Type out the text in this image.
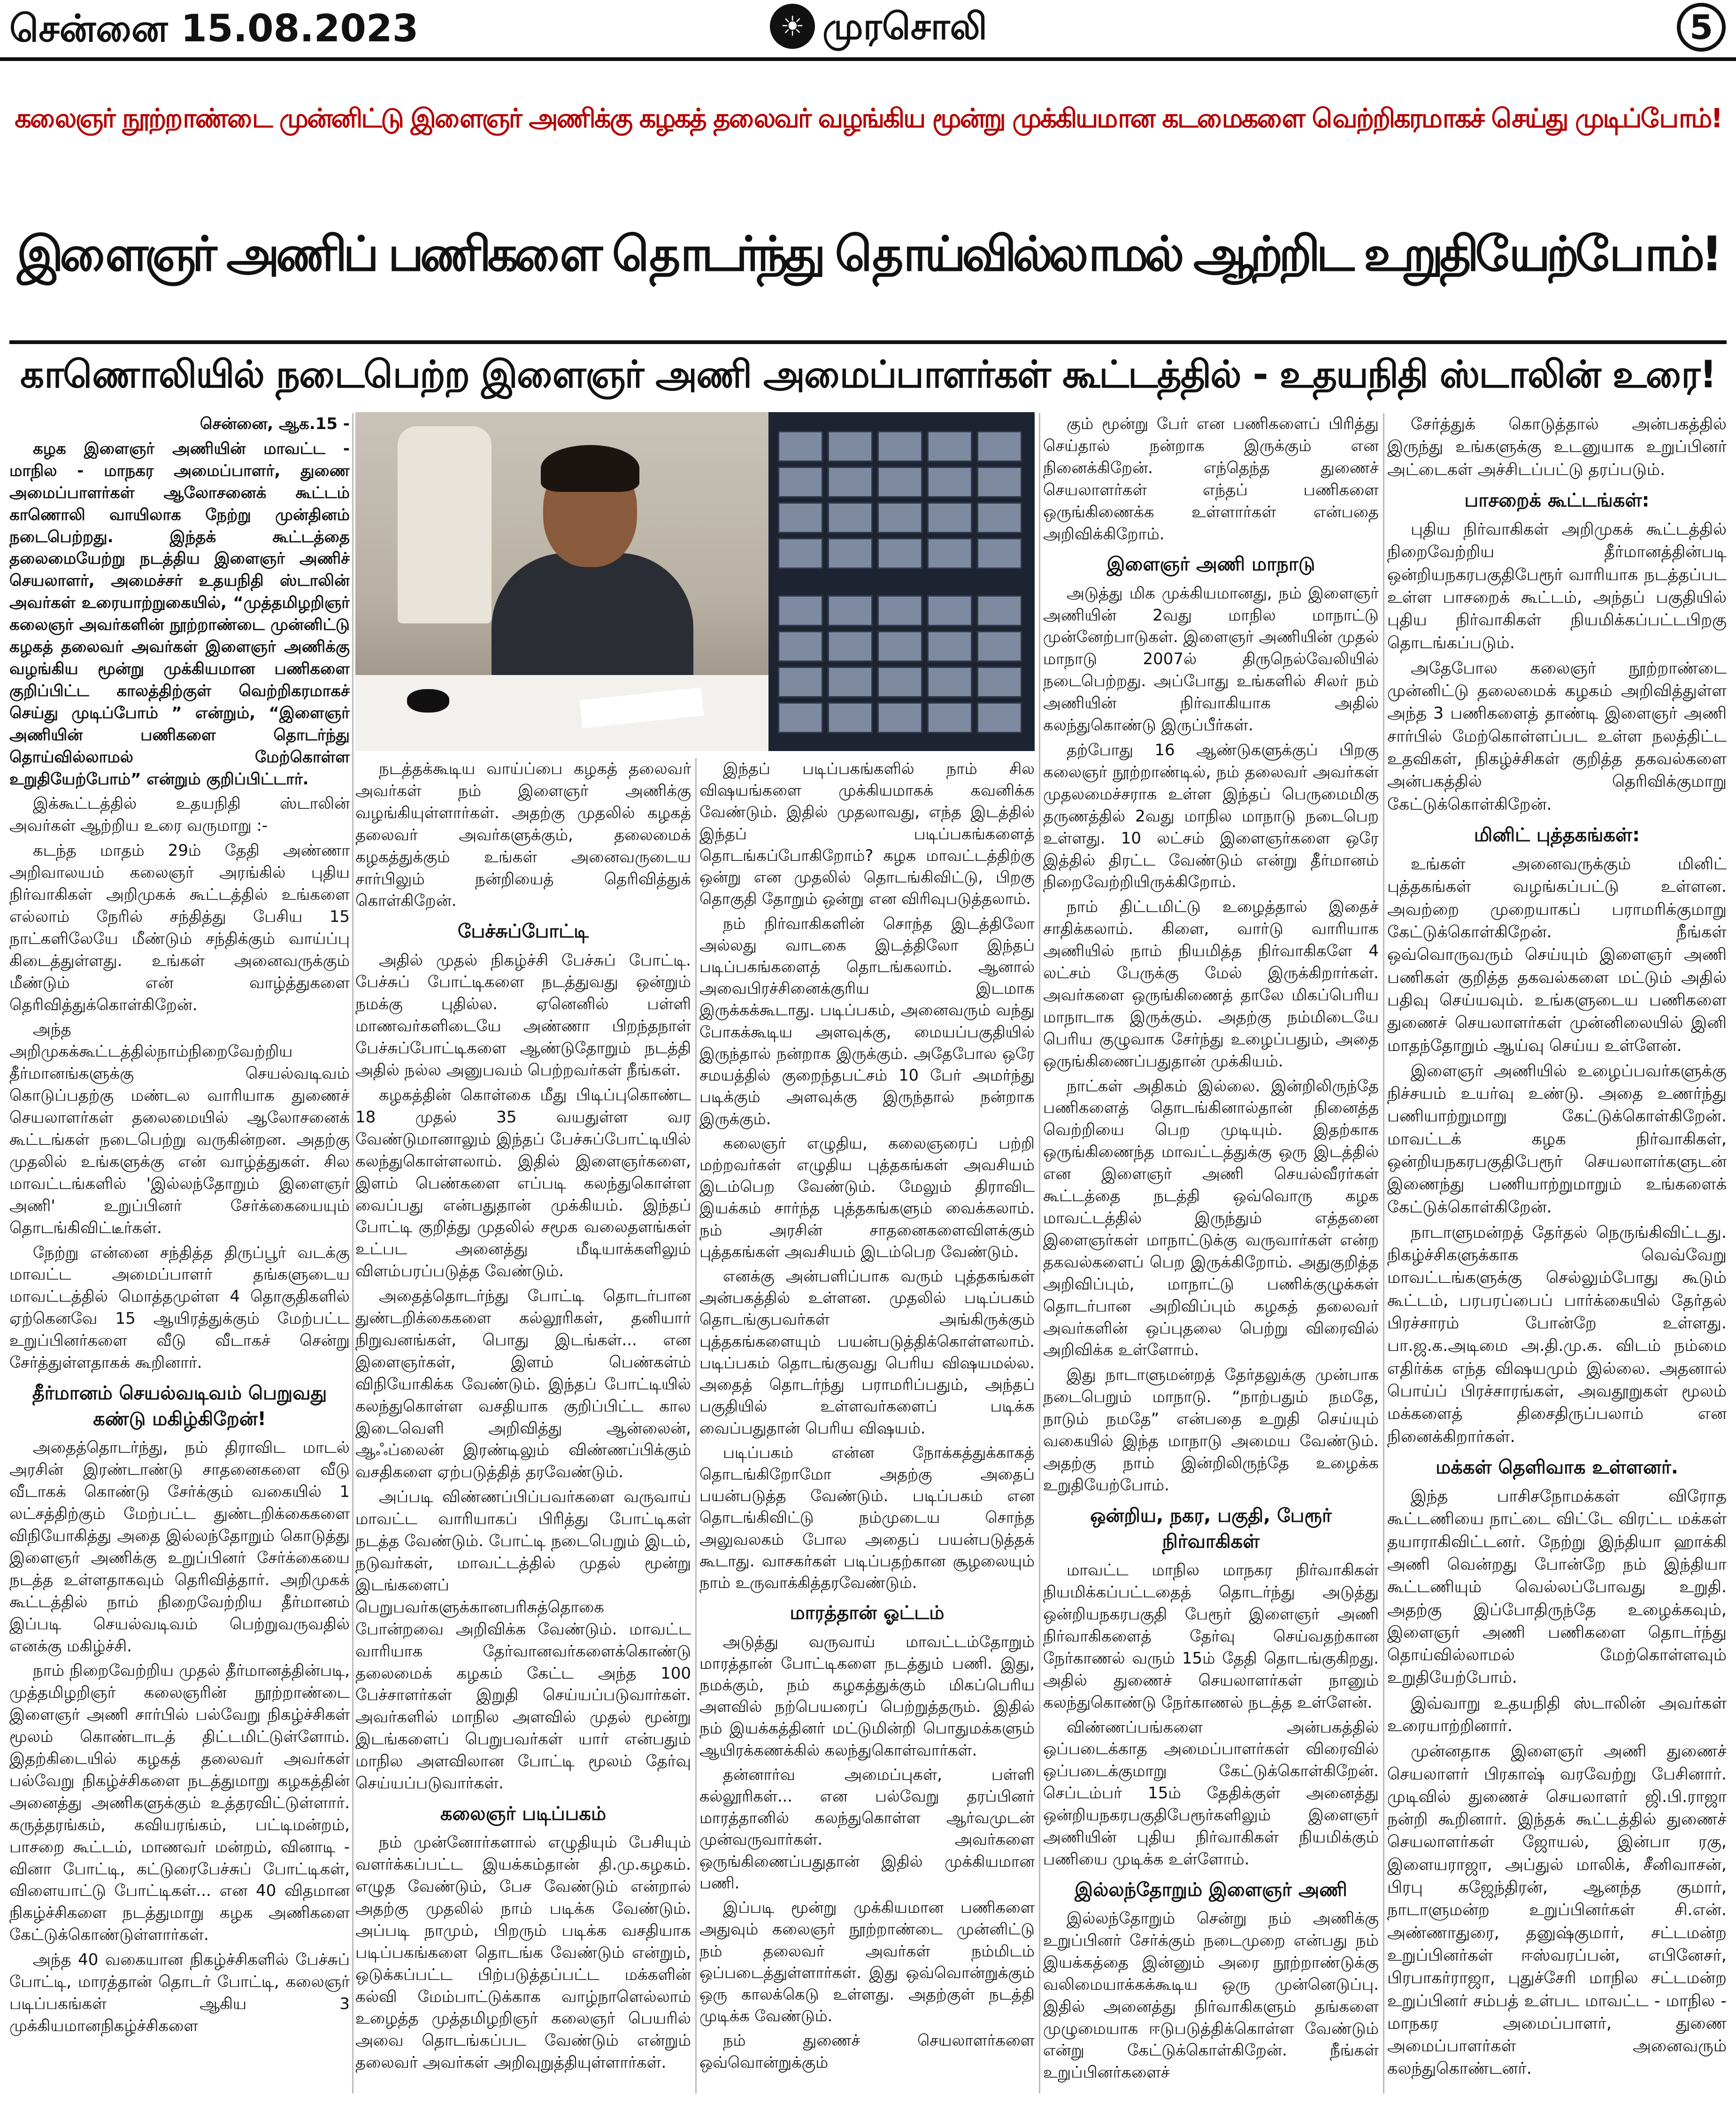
சென்னை 15.08.2023	☀ முரசொலி	5
கலைஞர் நூற்றாண்டை முன்னிட்டு இளைஞர் அணிக்கு கழகத் தலைவர் வழங்கிய மூன்று முக்கியமான கடமைகளை வெற்றிகரமாகச் செய்து முடிப்போம்!
இளைஞர் அணிப் பணிகளை தொடர்ந்து தொய்வில்லாமல் ஆற்றிட உறுதியேற்போம்!
காணொலியில் நடைபெற்ற இளைஞர் அணி அமைப்பாளர்கள் கூட்டத்தில் - உதயநிதி ஸ்டாலின் உரை!

சென்னை, ஆக.15 -

கழக இளைஞர் அணியின் மாவட்ட - மாநில - மாநகர அமைப்பாளர், துணை அமைப்பாளர்கள் ஆலோசனைக் கூட்டம் காணொலி வாயிலாக நேற்று முன்தினம் நடைபெற்றது. இந்தக் கூட்டத்தை தலைமையேற்று நடத்திய இளைஞர் அணிச் செயலாளர், அமைச்சர் உதயநிதி ஸ்டாலின் அவர்கள் உரையாற்றுகையில், “முத்தமிழறிஞர் கலைஞர் அவர்களின் நூற்றாண்டை முன்னிட்டு கழகத் தலைவர் அவர்கள் இளைஞர் அணிக்கு வழங்கிய மூன்று முக்கியமான பணிகளை குறிப்பிட்ட காலத்திற்குள் வெற்றிகரமாகச் செய்து முடிப்போம் ” என்றும், “இளைஞர் அணியின் பணிகளை தொடர்ந்து தொய்வில்லாமல் மேற்கொள்ள உறுதியேற்போம்” என்றும் குறிப்பிட்டார்.

இக்கூட்டத்தில் உதயநிதி ஸ்டாலின் அவர்கள் ஆற்றிய உரை வருமாறு :-

கடந்த மாதம் 29ம் தேதி அண்ணா அறிவாலயம் கலைஞர் அரங்கில் புதிய நிர்வாகிகள் அறிமுகக் கூட்டத்தில் உங்களை எல்லாம் நேரில் சந்தித்து பேசிய 15 நாட்களிலேயே மீண்டும் சந்திக்கும் வாய்ப்பு கிடைத்துள்ளது. உங்கள் அனைவருக்கும் மீண்டும் என் வாழ்த்துகளை தெரிவித்துக்கொள்கிறேன்.

அந்த அறிமுகக்கூட்டத்தில்நாம்நிறைவேற்றிய தீர்மானங்களுக்கு செயல்வடிவம் கொடுப்பதற்கு மண்டல வாரியாக துணைச் செயலாளர்கள் தலைமையில் ஆலோசனைக் கூட்டங்கள் நடைபெற்று வருகின்றன. அதற்கு முதலில் உங்களுக்கு என் வாழ்த்துகள். சில மாவட்டங்களில் 'இல்லந்தோறும் இளைஞர் அணி' உறுப்பினர் சேர்க்கையையும் தொடங்கிவிட்டீர்கள்.

நேற்று என்னை சந்தித்த திருப்பூர் வடக்கு மாவட்ட அமைப்பாளர் தங்களுடைய மாவட்டத்தில் மொத்தமுள்ள 4 தொகுதிகளில் ஏற்கெனவே 15 ஆயிரத்துக்கும் மேற்பட்ட உறுப்பினர்களை வீடு வீடாகச் சென்று சேர்த்துள்ளதாகக் கூறினார்.

தீர்மானம் செயல்வடிவம் பெறுவது கண்டு மகிழ்கிறேன்!

அதைத்தொடர்ந்து, நம் திராவிட மாடல் அரசின் இரண்டாண்டு சாதனைகளை வீடு வீடாகக் கொண்டு சேர்க்கும் வகையில் 1 லட்சத்திற்கும் மேற்பட்ட துண்டறிக்கைகளை விநியோகித்து அதை இல்லந்தோறும் கொடுத்து இளைஞர் அணிக்கு உறுப்பினர் சேர்க்கையை நடத்த உள்ளதாகவும் தெரிவித்தார். அறிமுகக் கூட்டத்தில் நாம் நிறைவேற்றிய தீர்மானம் இப்படி செயல்வடிவம் பெற்றுவருவதில் எனக்கு மகிழ்ச்சி.

நாம் நிறைவேற்றிய முதல் தீர்மானத்தின்படி, முத்தமிழறிஞர் கலைஞரின் நூற்றாண்டை இளைஞர் அணி சார்பில் பல்வேறு நிகழ்ச்சிகள் மூலம் கொண்டாடத் திட்டமிட்டுள்ளோம். இதற்கிடையில் கழகத் தலைவர் அவர்கள் பல்வேறு நிகழ்ச்சிகளை நடத்துமாறு கழகத்தின் அனைத்து அணிகளுக்கும் உத்தரவிட்டுள்ளார். கருத்தரங்கம், கவியரங்கம், பட்டிமன்றம், பாசறை கூட்டம், மாணவர் மன்றம், வினாடி - வினா போட்டி, கட்டுரைபேச்சுப் போட்டிகள், விளையாட்டு போட்டிகள்... என 40 விதமான நிகழ்ச்சிகளை நடத்துமாறு கழக அணிகளை கேட்டுக்கொண்டுள்ளார்கள்.

அந்த 40 வகையான நிகழ்ச்சிகளில் பேச்சுப் போட்டி, மாரத்தான் தொடர் போட்டி, கலைஞர் படிப்பகங்கள் ஆகிய 3 முக்கியமானநிகழ்ச்சிகளை

நடத்தக்கூடிய வாய்ப்பை கழகத் தலைவர் அவர்கள் நம் இளைஞர் அணிக்கு வழங்கியுள்ளார்கள். அதற்கு முதலில் கழகத் தலைவர் அவர்களுக்கும், தலைமைக் கழகத்துக்கும் உங்கள் அனைவருடைய சார்பிலும் நன்றியைத் தெரிவித்துக் கொள்கிறேன்.

பேச்சுப்போட்டி

அதில் முதல் நிகழ்ச்சி பேச்சுப் போட்டி. பேச்சுப் போட்டிகளை நடத்துவது ஒன்றும் நமக்கு புதில்ல. ஏனெனில் பள்ளி மாணவர்களிடையே அண்ணா பிறந்தநாள் பேச்சுப்போட்டிகளை ஆண்டுதோறும் நடத்தி அதில் நல்ல அனுபவம் பெற்றவர்கள் நீங்கள்.

கழகத்தின் கொள்கை மீது பிடிப்புகொண்ட 18 முதல் 35 வயதுள்ள வர வேண்டுமானாலும் இந்தப் பேச்சுப்போட்டியில் கலந்துகொள்ளலாம். இதில் இளைஞர்களை, இளம் பெண்களை எப்படி கலந்துகொள்ள வைப்பது என்பதுதான் முக்கியம். இந்தப் போட்டி குறித்து முதலில் சமூக வலைதளங்கள் உட்பட அனைத்து மீடியாக்களிலும் விளம்பரப்படுத்த வேண்டும்.

அதைத்தொடர்ந்து போட்டி தொடர்பான துண்டறிக்கைகளை கல்லூரிகள், தனியார் நிறுவனங்கள், பொது இடங்கள்... என இளைஞர்கள், இளம் பெண்கள்ம் விநியோகிக்க வேண்டும். இந்தப் போட்டியில் கலந்துகொள்ள வசதியாக குறிப்பிட்ட கால இடைவெளி அறிவித்து ஆன்லைன், ஆஃப்லைன் இரண்டிலும் விண்ணப்பிக்கும் வசதிகளை ஏற்படுத்தித் தரவேண்டும்.

அப்படி விண்ணப்பிப்பவர்களை வருவாய் மாவட்ட வாரியாகப் பிரித்து போட்டிகள் நடத்த வேண்டும். போட்டி நடைபெறும் இடம், நடுவர்கள், மாவட்டத்தில் முதல் மூன்று இடங்களைப் பெறுபவர்களுக்கானபரிசுத்தொகை போன்றவை அறிவிக்க வேண்டும். மாவட்ட வாரியாக தேர்வானவர்களைக்கொண்டு தலைமைக் கழகம் கேட்ட அந்த 100 பேச்சாளர்கள் இறுதி செய்யப்படுவார்கள். அவர்களில் மாநில அளவில் முதல் மூன்று இடங்களைப் பெறுபவர்கள் யார் என்பதும் மாநில அளவிலான போட்டி மூலம் தேர்வு செய்யப்படுவார்கள்.

கலைஞர் படிப்பகம்

நம் முன்னோர்களால் எழுதியும் பேசியும் வளர்க்கப்பட்ட இயக்கம்தான் தி.மு.கழகம். எழுத வேண்டும், பேச வேண்டும் என்றால் அதற்கு முதலில் நாம் படிக்க வேண்டும். அப்படி நாமும், பிறரும் படிக்க வசதியாக படிப்பகங்களை தொடங்க வேண்டும் என்றும், ஒடுக்கப்பட்ட பிற்படுத்தப்பட்ட மக்களின் கல்வி மேம்பாட்டுக்காக வாழ்நாளெல்லாம் உழைத்த முத்தமிழறிஞர் கலைஞர் பெயரில் அவை தொடங்கப்பட வேண்டும் என்றும் தலைவர் அவர்கள் அறிவுறுத்தியுள்ளார்கள்.

இந்தப் படிப்பகங்களில் நாம் சில விஷயங்களை முக்கியமாகக் கவனிக்க வேண்டும். இதில் முதலாவது, எந்த இடத்தில் இந்தப் படிப்பகங்களைத் தொடங்கப்போகிறோம்? கழக மாவட்டத்திற்கு ஒன்று என முதலில் தொடங்கிவிட்டு, பிறகு தொகுதி தோறும் ஒன்று என விரிவுபடுத்தலாம்.

நம் நிர்வாகிகளின் சொந்த இடத்திலோ அல்லது வாடகை இடத்திலோ இந்தப் படிப்பகங்களைத் தொடங்கலாம். ஆனால் அவைபிரச்சினைக்குரிய இடமாக இருக்கக்கூடாது. படிப்பகம், அனைவரும் வந்து போகக்கூடிய அளவுக்கு, மையப்பகுதியில் இருந்தால் நன்றாக இருக்கும். அதேபோல ஒரே சமயத்தில் குறைந்தபட்சம் 10 பேர் அமர்ந்து படிக்கும் அளவுக்கு இருந்தால் நன்றாக இருக்கும்.

கலைஞர் எழுதிய, கலைஞரைப் பற்றி மற்றவர்கள் எழுதிய புத்தகங்கள் அவசியம் இடம்பெற வேண்டும். மேலும் திராவிட இயக்கம் சார்ந்த புத்தகங்களும் வைக்கலாம். நம் அரசின் சாதனைகளைவிளக்கும் புத்தகங்கள் அவசியம் இடம்பெற வேண்டும்.

எனக்கு அன்பளிப்பாக வரும் புத்தகங்கள் அன்பகத்தில் உள்ளன. முதலில் படிப்பகம் தொடங்குபவர்கள் அங்கிருக்கும் புத்தகங்களையும் பயன்படுத்திக்கொள்ளலாம். படிப்பகம் தொடங்குவது பெரிய விஷயமல்ல. அதைத் தொடர்ந்து பராமரிப்பதும், அந்தப் பகுதியில் உள்ளவர்களைப் படிக்க வைப்பதுதான் பெரிய விஷயம்.

படிப்பகம் என்ன நோக்கத்துக்காகத் தொடங்கிறோமோ அதற்கு அதைப் பயன்படுத்த வேண்டும். படிப்பகம் என தொடங்கிவிட்டு நம்முடைய சொந்த அலுவலகம் போல அதைப் பயன்படுத்தக் கூடாது. வாசகர்கள் படிப்பதற்கான சூழலையும் நாம் உருவாக்கித்தரவேண்டும்.

மாரத்தான் ஓட்டம்

அடுத்து வருவாய் மாவட்டம்தோறும் மாரத்தான் போட்டிகளை நடத்தும் பணி. இது, நமக்கும், நம் கழகத்துக்கும் மிகப்பெரிய அளவில் நற்பெயரைப் பெற்றுத்தரும். இதில் நம் இயக்கத்தினர் மட்டுமின்றி பொதுமக்களும் ஆயிரக்கணக்கில் கலந்துகொள்வார்கள்.

தன்னார்வ அமைப்புகள், பள்ளி கல்லூரிகள்... என பல்வேறு தரப்பினர் மாரத்தானில் கலந்துகொள்ள ஆர்வமுடன் முன்வருவார்கள். அவர்களை ஒருங்கிணைப்பதுதான் இதில் முக்கியமான பணி.

இப்படி மூன்று முக்கியமான பணிகளை அதுவும் கலைஞர் நூற்றாண்டை முன்னிட்டு நம் தலைவர் அவர்கள் நம்மிடம் ஒப்படைத்துள்ளார்கள். இது ஒவ்வொன்றுக்கும் ஒரு காலக்கெடு உள்ளது. அதற்குள் நடத்தி முடிக்க வேண்டும்.

நம் துணைச் செயலாளர்களை ஒவ்வொன்றுக்கும்

கும் மூன்று பேர் என பணிகளைப் பிரித்து செய்தால் நன்றாக இருக்கும் என நினைக்கிறேன். எந்தெந்த துணைச் செயலாளர்கள் எந்தப் பணிகளை ஒருங்கிணைக்க உள்ளார்கள் என்பதை அறிவிக்கிறோம்.

இளைஞர் அணி மாநாடு

அடுத்து மிக முக்கியமானது, நம் இளைஞர் அணியின் 2வது மாநில மாநாட்டு முன்னேற்பாடுகள். இளைஞர் அணியின் முதல் மாநாடு 2007ல் திருநெல்வேலியில் நடைபெற்றது. அப்போது உங்களில் சிலர் நம் அணியின் நிர்வாகியாக அதில் கலந்துகொண்டு இருப்பீர்கள்.

தற்போது 16 ஆண்டுகளுக்குப் பிறகு கலைஞர் நூற்றாண்டில், நம் தலைவர் அவர்கள் முதலமைச்சராக உள்ள இந்தப் பெருமைமிகு தருணத்தில் 2வது மாநில மாநாடு நடைபெற உள்ளது. 10 லட்சம் இளைஞர்களை ஒரே இத்தில் திரட்ட வேண்டும் என்று தீர்மானம் நிறைவேற்றியிருக்கிறோம்.

நாம் திட்டமிட்டு உழைத்தால் இதைச் சாதிக்கலாம். கிளை, வார்டு வாரியாக அணியில் நாம் நியமித்த நிர்வாகிகளே 4 லட்சம் பேருக்கு மேல் இருக்கிறார்கள். அவர்களை ஒருங்கிணைத் தாலே மிகப்பெரிய மாநாடாக இருக்கும். அதற்கு நம்மிடையே பெரிய குழுவாக சேர்ந்து உழைப்பதும், அதை ஒருங்கிணைப்பதுதான் முக்கியம்.

நாட்கள் அதிகம் இல்லை. இன்றிலிருந்தே பணிகளைத் தொடங்கினால்தான் நினைத்த வெற்றியை பெற முடியும். இதற்காக ஒருங்கிணைந்த மாவட்டத்துக்கு ஒரு இடத்தில் என இளைஞர் அணி செயல்வீரர்கள் கூட்டத்தை நடத்தி ஒவ்வொரு கழக மாவட்டத்தில் இருந்தும் எத்தனை இளைஞர்கள் மாநாட்டுக்கு வருவார்கள் என்ற தகவல்களைப் பெற இருக்கிறோம். அதுகுறித்த அறிவிப்பும், மாநாட்டு பணிக்குழுக்கள் தொடர்பான அறிவிப்பும் கழகத் தலைவர் அவர்களின் ஒப்புதலை பெற்று விரைவில் அறிவிக்க உள்ளோம்.

இது நாடாளுமன்றத் தேர்தலுக்கு முன்பாக நடைபெறும் மாநாடு. “நாற்பதும் நமதே, நாடும் நமதே” என்பதை உறுதி செய்யும் வகையில் இந்த மாநாடு அமைய வேண்டும். அதற்கு நாம் இன்றிலிருந்தே உழைக்க உறுதியேற்போம்.

ஒன்றிய, நகர, பகுதி, பேரூர் நிர்வாகிகள்

மாவட்ட மாநில மாநகர நிர்வாகிகள் நியமிக்கப்பட்டதைத் தொடர்ந்து அடுத்து ஒன்றியநகரபகுதி பேரூர் இளைஞர் அணி நிர்வாகிகளைத் தேர்வு செய்வதற்கான நேர்காணல் வரும் 15ம் தேதி தொடங்குகிறது. அதில் துணைச் செயலாளர்கள் நானும் கலந்துகொண்டு நேர்காணல் நடத்த உள்ளேன்.

விண்ணப்பங்களை அன்பகத்தில் ஒப்படைக்காத அமைப்பாளர்கள் விரைவில் ஒப்படைக்குமாறு கேட்டுக்கொள்கிறேன். செப்டம்பர் 15ம் தேதிக்குள் அனைத்து ஒன்றியநகரபகுதிபேரூர்களிலும் இளைஞர் அணியின் புதிய நிர்வாகிகள் நியமிக்கும் பணியை முடிக்க உள்ளோம்.

இல்லந்தோறும் இளைஞர் அணி

இல்லந்தோறும் சென்று நம் அணிக்கு உறுப்பினர் சேர்க்கும் நடைமுறை என்பது நம் இயக்கத்தை இன்னும் அரை நூற்றாண்டுக்கு வலிமையாக்கக்கூடிய ஒரு முன்னெடுப்பு. இதில் அனைத்து நிர்வாகிகளும் தங்களை முழுமையாக ஈடுபடுத்திக்கொள்ள வேண்டும் என்று கேட்டுக்கொள்கிறேன். நீங்கள் உறுப்பினர்களைச்

சேர்த்துக் கொடுத்தால் அன்பகத்தில் இருந்து உங்களுக்கு உடனுயாக உறுப்பினர் அட்டைகள் அச்சிடப்பட்டு தரப்படும்.

பாசறைக் கூட்டங்கள்:

புதிய நிர்வாகிகள் அறிமுகக் கூட்டத்தில் நிறைவேற்றிய தீர்மானத்தின்படி ஒன்றியநகரபகுதிபேரூர் வாரியாக நடத்தப்பட உள்ள பாசறைக் கூட்டம், அந்தப் பகுதியில் புதிய நிர்வாகிகள் நியமிக்கப்பட்டபிறகு தொடங்கப்படும்.

அதேபோல கலைஞர் நூற்றாண்டை முன்னிட்டு தலைமைக் கழகம் அறிவித்துள்ள அந்த 3 பணிகளைத் தாண்டி இளைஞர் அணி சார்பில் மேற்கொள்ளப்பட உள்ள நலத்திட்ட உதவிகள், நிகழ்ச்சிகள் குறித்த தகவல்களை அன்பகத்தில் தெரிவிக்குமாறு கேட்டுக்கொள்கிறேன்.

மினிட் புத்தகங்கள்:

உங்கள் அனைவருக்கும் மினிட் புத்தகங்கள் வழங்கப்பட்டு உள்ளன. அவற்றை முறையாகப் பராமரிக்குமாறு கேட்டுக்கொள்கிறேன். நீங்கள் ஒவ்வொருவரும் செய்யும் இளைஞர் அணி பணிகள் குறித்த தகவல்களை மட்டும் அதில் பதிவு செய்யவும். உங்களுடைய பணிகளை துணைச் செயலாளர்கள் முன்னிலையில் இனி மாதந்தோறும் ஆய்வு செய்ய உள்ளேன்.

இளைஞர் அணியில் உழைப்பவர்களுக்கு நிச்சயம் உயர்வு உண்டு. அதை உணர்ந்து பணியாற்றுமாறு கேட்டுக்கொள்கிறேன். மாவட்டக் கழக நிர்வாகிகள், ஒன்றியநகரபகுதிபேரூர் செயலாளர்களுடன் இணைந்து பணியாற்றுமாறும் உங்களைக் கேட்டுக்கொள்கிறேன்.

நாடாளுமன்றத் தேர்தல் நெருங்கிவிட்டது. நிகழ்ச்சிகளுக்காக வெவ்வேறு மாவட்டங்களுக்கு செல்லும்போது கூடும் கூட்டம், பரபரப்பைப் பார்க்கையில் தேர்தல் பிரச்சாரம் போன்றே உள்ளது. பா.ஜ.க.அடிமை அ.தி.மு.க. விடம் நம்மை எதிர்க்க எந்த விஷயமும் இல்லை. அதனால் பொய்ப் பிரச்சாரங்கள், அவதூறுகள் மூலம் மக்களைத் திசைதிருப்பலாம் என நினைக்கிறார்கள்.

மக்கள் தெளிவாக உள்ளனர்.

இந்த பாசிசநோமக்கள் விரோத கூட்டணியை நாட்டை விட்டே விரட்ட மக்கள் தயாராகிவிட்டனர். நேற்று இந்தியா ஹாக்கி அணி வென்றது போன்றே நம் இந்தியா கூட்டணியும் வெல்லப்போவது உறுதி. அதற்கு இப்போதிருந்தே உழைக்கவும், இளைஞர் அணி பணிகளை தொடர்ந்து தொய்வில்லாமல் மேற்கொள்ளவும் உறுதியேற்போம்.

இவ்வாறு உதயநிதி ஸ்டாலின் அவர்கள் உரையாற்றினார்.

முன்னதாக இளைஞர் அணி துணைச் செயலாளர் பிரகாஷ் வரவேற்று பேசினார். முடிவில் துணைச் செயலாளர் ஜி.பி.ராஜா நன்றி கூறினார். இந்தக் கூட்டத்தில் துணைச் செயலாளர்கள் ஜோயல், இன்பா ரகு, இளையராஜா, அப்துல் மாலிக், சீனிவாசன், பிரபு கஜேந்திரன், ஆனந்த குமார், நாடாளுமன்ற உறுப்பினர்கள் சி.என். அண்ணாதுரை, தனுஷ்குமார், சட்டமன்ற உறுப்பினர்கள் ஈஸ்வரப்பன், எபினேசர், பிரபாகர்ராஜா, புதுச்சேரி மாநில சட்டமன்ற உறுப்பினர் சம்பத் உள்பட மாவட்ட - மாநில - மாநகர அமைப்பாளர், துணை அமைப்பாளர்கள் அனைவரும் கலந்துகொண்டனர்.
